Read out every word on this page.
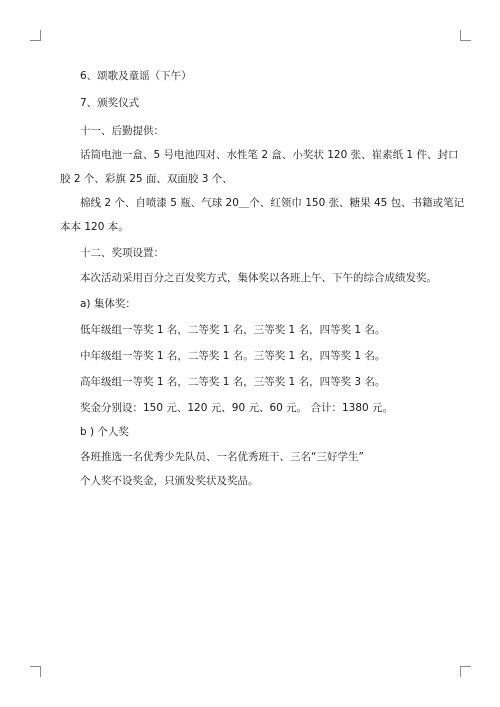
6、颂歌及童谣（下午）
7、颁奖仪式
十一、后勤提供：
话筒电池一盒、5 号电池四对、水性笔 2 盒、小奖状 120 张、崔素纸 1 件、封口
胶 2 个、彩旗 25 面、双面胶 3 个、
棉线 2 个、自喷漆 5 瓶、气球 20＿个、红领巾 150 张、糖果 45 包、书籍或笔记
本本 120 本。
十二、奖项设置：
本次活动采用百分之百发奖方式，集体奖以各班上午、下午的综合成绩发奖。
a) 集体奖：
低年级组一等奖 1 名，二等奖 1 名，三等奖 1 名，四等奖 1 名。
中年级组一等奖 1 名，二等奖 1 名。三等奖 1 名，四等奖 1 名。
高年级组一等奖 1 名，二等奖 1 名，三等奖 1 名，四等奖 3 名。
奖金分别设：150 元、120 元、90 元、60 元。 合计：1380 元。
b ) 个人奖
各班推选一名优秀少先队员、一名优秀班干、三名“三好学生”
个人奖不设奖金，只颁发奖状及奖品。
